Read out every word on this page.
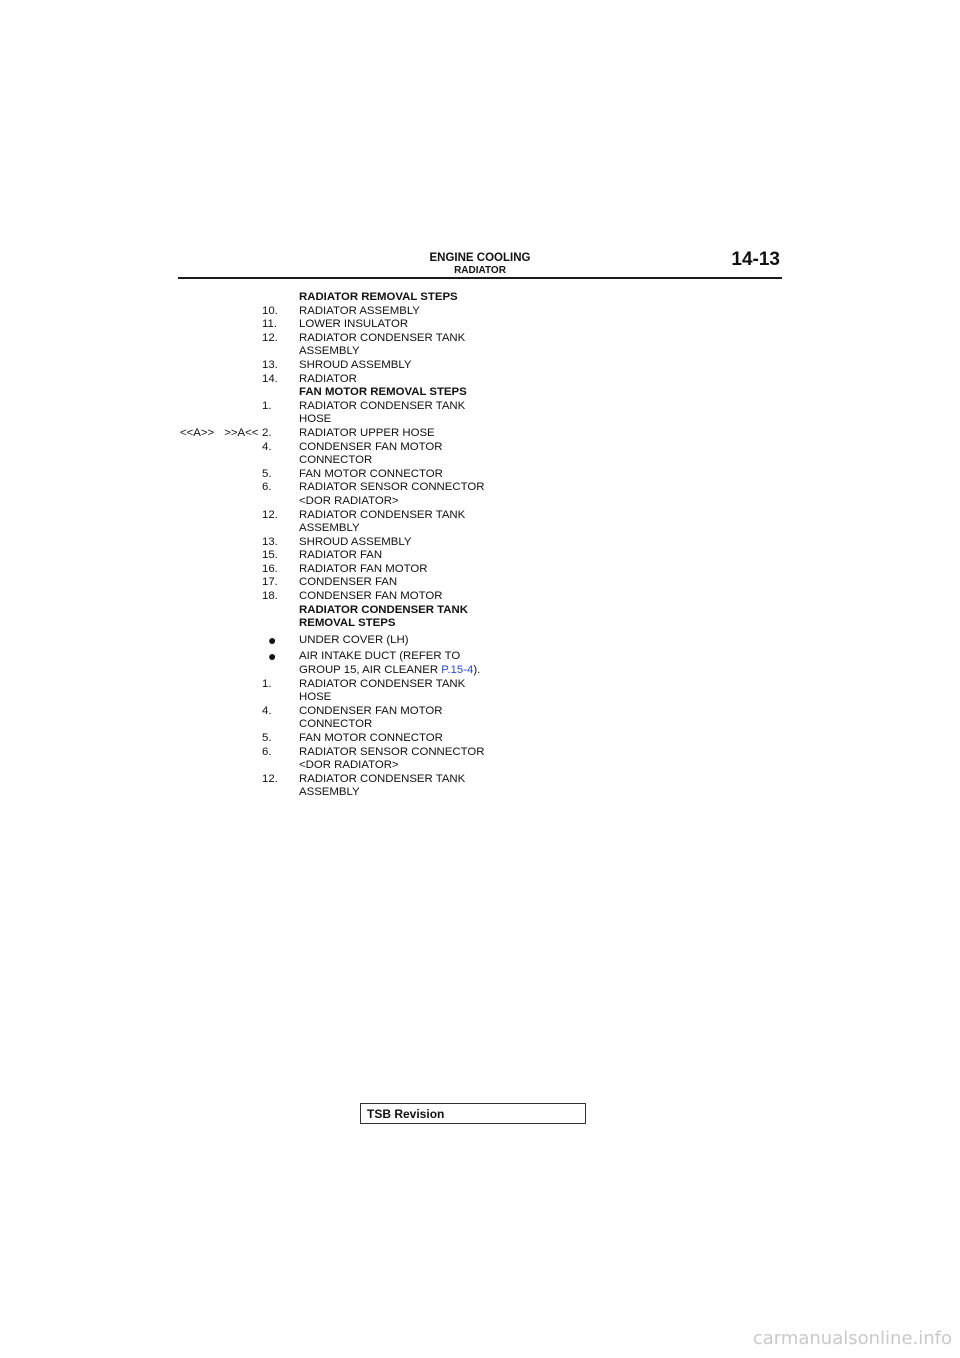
ENGINE COOLING
RADIATOR
14-13
RADIATOR REMOVAL STEPS
10.	RADIATOR ASSEMBLY
11.	LOWER INSULATOR
12.	RADIATOR CONDENSER TANK ASSEMBLY
13.	SHROUD ASSEMBLY
14.	RADIATOR
FAN MOTOR REMOVAL STEPS
1.	RADIATOR CONDENSER TANK HOSE
<<A>> >>A<< 2.	RADIATOR UPPER HOSE
4.	CONDENSER FAN MOTOR CONNECTOR
5.	FAN MOTOR CONNECTOR
6.	RADIATOR SENSOR CONNECTOR <DOR RADIATOR>
12.	RADIATOR CONDENSER TANK ASSEMBLY
13.	SHROUD ASSEMBLY
15.	RADIATOR FAN
16.	RADIATOR FAN MOTOR
17.	CONDENSER FAN
18.	CONDENSER FAN MOTOR
RADIATOR CONDENSER TANK REMOVAL STEPS
●	UNDER COVER (LH)
●	AIR INTAKE DUCT (REFER TO GROUP 15, AIR CLEANER P.15-4).
1.	RADIATOR CONDENSER TANK HOSE
4.	CONDENSER FAN MOTOR CONNECTOR
5.	FAN MOTOR CONNECTOR
6.	RADIATOR SENSOR CONNECTOR <DOR RADIATOR>
12.	RADIATOR CONDENSER TANK ASSEMBLY
TSB Revision
carmanualsonline.info
